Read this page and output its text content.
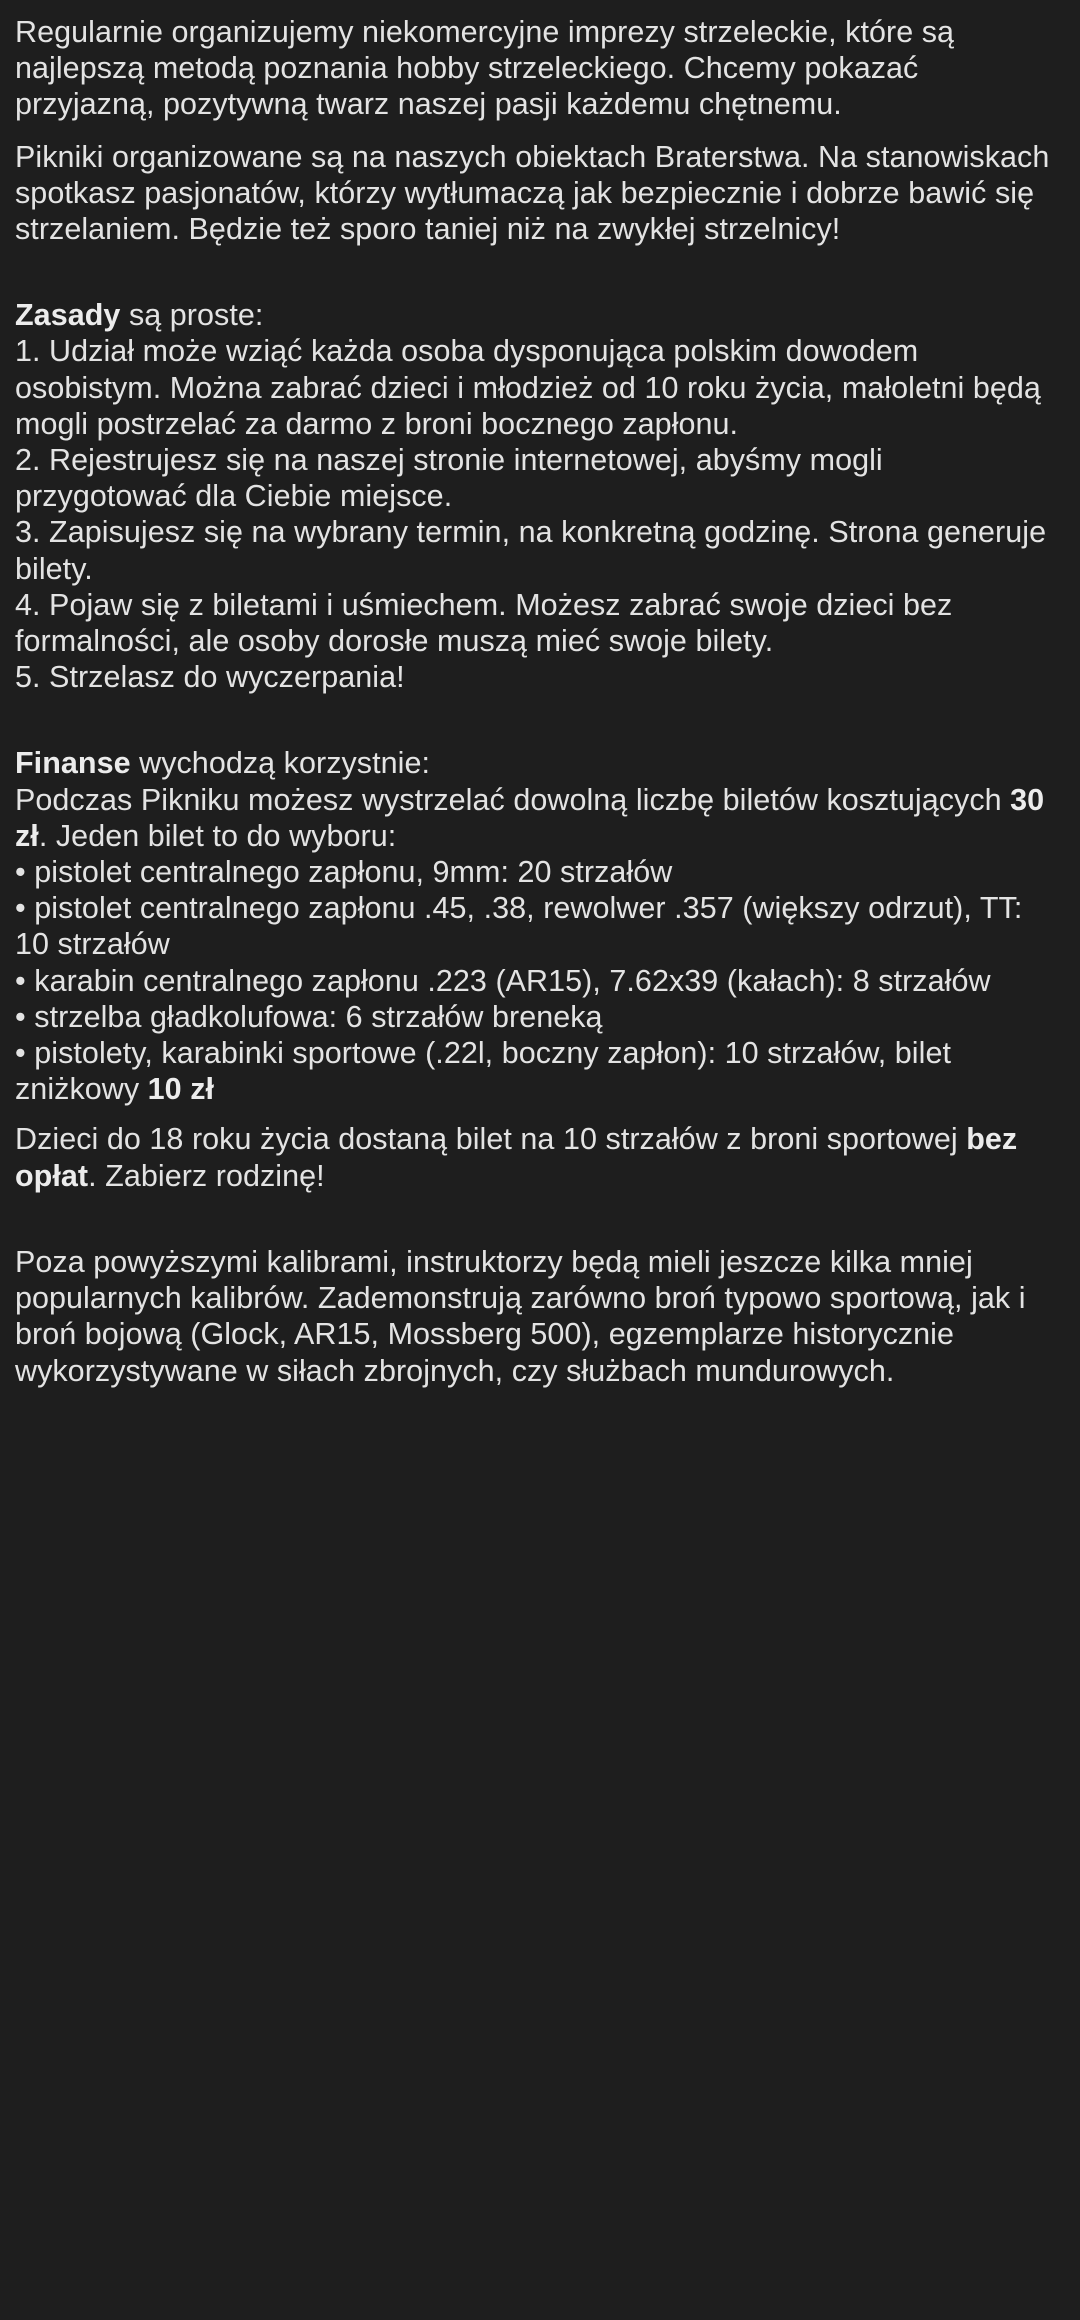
Regularnie organizujemy niekomercyjne imprezy strzeleckie, które są najlepszą metodą poznania hobby strzeleckiego. Chcemy pokazać przyjazną, pozytywną twarz naszej pasji każdemu chętnemu.

Pikniki organizowane są na naszych obiektach Braterstwa. Na stanowiskach spotkasz pasjonatów, którzy wytłumaczą jak bezpiecznie i dobrze bawić się strzelaniem. Będzie też sporo taniej niż na zwykłej strzelnicy!

Zasady są proste:

1. Udział może wziąć każda osoba dysponująca polskim dowodem osobistym. Można zabrać dzieci i młodzież od 10 roku życia, małoletni będą mogli postrzelać za darmo z broni bocznego zapłonu.

2. Rejestrujesz się na naszej stronie internetowej, abyśmy mogli przygotować dla Ciebie miejsce.

3. Zapisujesz się na wybrany termin, na konkretną godzinę. Strona generuje bilety.

4. Pojaw się z biletami i uśmiechem. Możesz zabrać swoje dzieci bez formalności, ale osoby dorosłe muszą mieć swoje bilety.

5. Strzelasz do wyczerpania!

Finanse wychodzą korzystnie:

Podczas Pikniku możesz wystrzelać dowolną liczbę biletów kosztujących 30 zł. Jeden bilet to do wyboru:

• pistolet centralnego zapłonu, 9mm: 20 strzałów

• pistolet centralnego zapłonu .45, .38, rewolwer .357 (większy odrzut), TT: 10 strzałów

• karabin centralnego zapłonu .223 (AR15), 7.62x39 (kałach): 8 strzałów

• strzelba gładkolufowa: 6 strzałów breneką

• pistolety, karabinki sportowe (.22l, boczny zapłon): 10 strzałów, bilet zniżkowy 10 zł

Dzieci do 18 roku życia dostaną bilet na 10 strzałów z broni sportowej bez opłat. Zabierz rodzinę!

Poza powyższymi kalibrami, instruktorzy będą mieli jeszcze kilka mniej popularnych kalibrów. Zademonstrują zarówno broń typowo sportową, jak i broń bojową (Glock, AR15, Mossberg 500), egzemplarze historycznie wykorzystywane w siłach zbrojnych, czy służbach mundurowych.
